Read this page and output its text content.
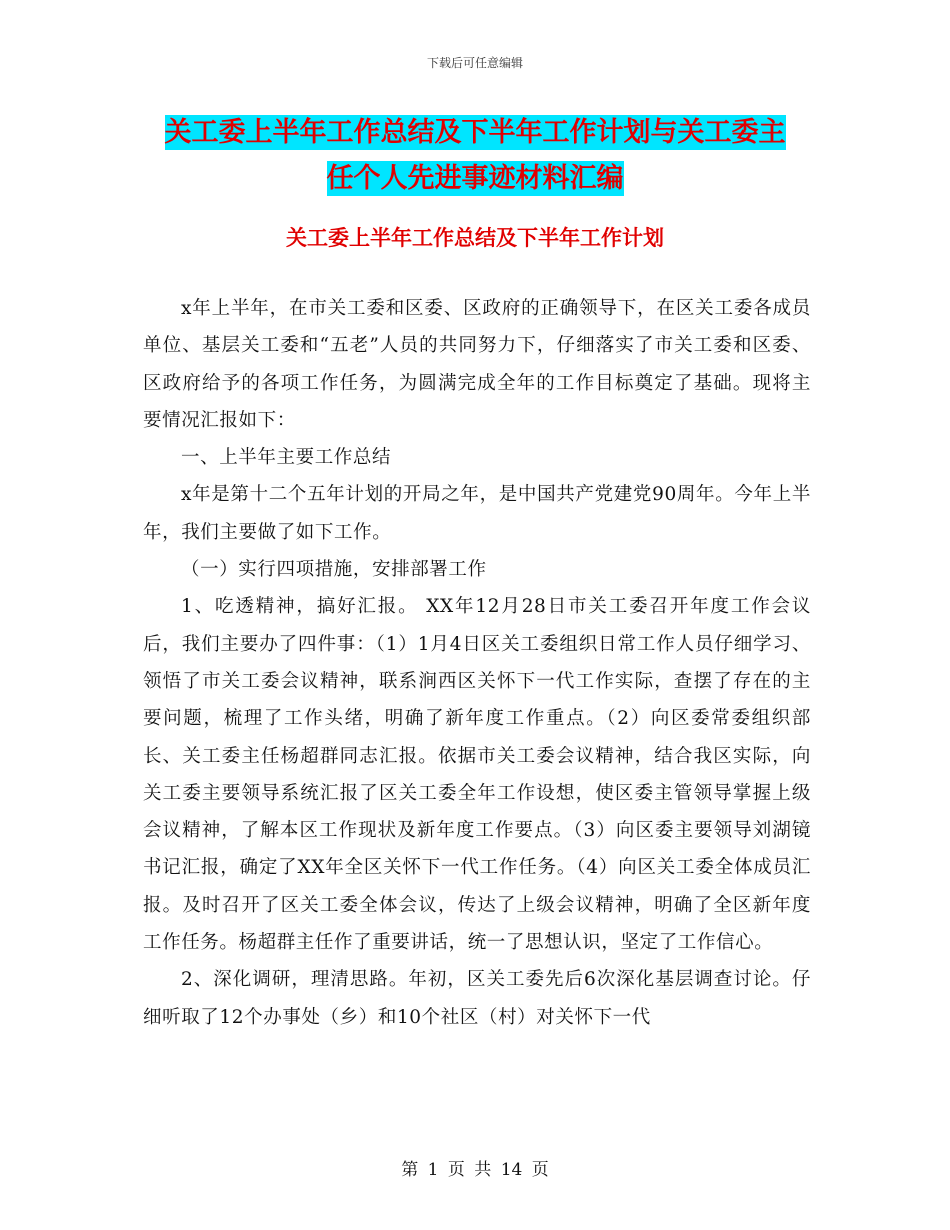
下载后可任意编辑
关工委上半年工作总结及下半年工作计划与关工委主
任个人先进事迹材料汇编
关工委上半年工作总结及下半年工作计划

x年上半年，在市关工委和区委、区政府的正确领导下，在区关工委各成员单位、基层关工委和“五老”人员的共同努力下，仔细落实了市关工委和区委、区政府给予的各项工作任务，为圆满完成全年的工作目标奠定了基础。现将主要情况汇报如下：

一、上半年主要工作总结

x年是第十二个五年计划的开局之年，是中国共产党建党90周年。今年上半年，我们主要做了如下工作。

（一）实行四项措施，安排部署工作

1、吃透精神，搞好汇报。 XX年12月28日市关工委召开年度工作会议后，我们主要办了四件事：（1）1月4日区关工委组织日常工作人员仔细学习、领悟了市关工委会议精神，联系涧西区关怀下一代工作实际，查摆了存在的主要问题，梳理了工作头绪，明确了新年度工作重点。（2）向区委常委组织部长、关工委主任杨超群同志汇报。依据市关工委会议精神，结合我区实际，向关工委主要领导系统汇报了区关工委全年工作设想，使区委主管领导掌握上级会议精神，了解本区工作现状及新年度工作要点。（3）向区委主要领导刘湖镜书记汇报，确定了XX年全区关怀下一代工作任务。（4）向区关工委全体成员汇报。及时召开了区关工委全体会议，传达了上级会议精神，明确了全区新年度工作任务。杨超群主任作了重要讲话，统一了思想认识，坚定了工作信心。

2、深化调研，理清思路。年初，区关工委先后6次深化基层调查讨论。仔细听取了12个办事处（乡）和10个社区（村）对关怀下一代

第 1 页 共 14 页
